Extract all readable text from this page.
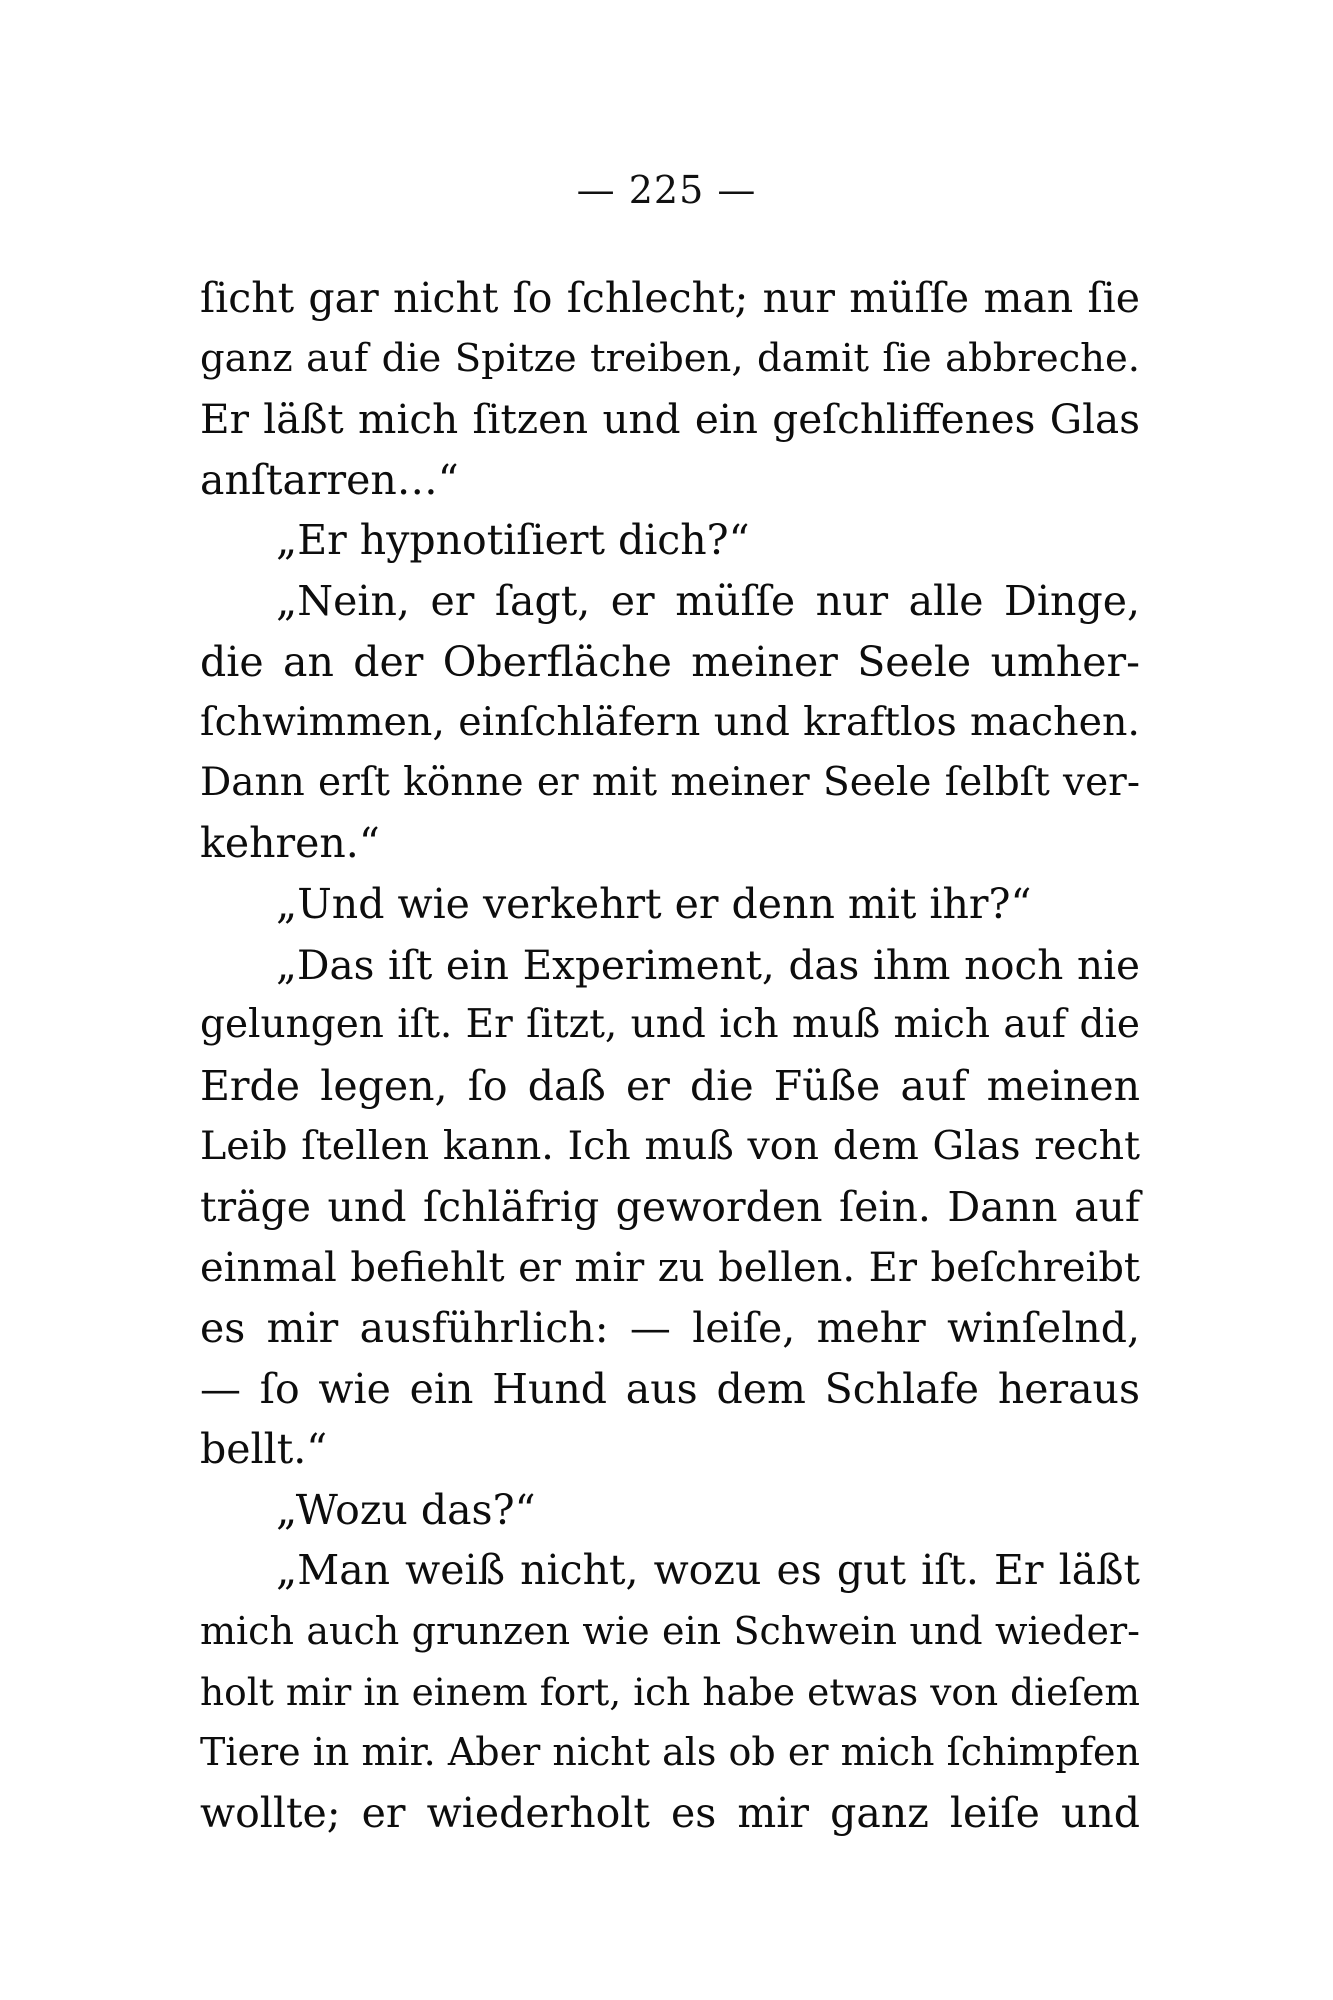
— 225 —
ſicht gar nicht ſo ſchlecht; nur müſſe man ſie
ganz auf die Spitze treiben, damit ſie abbreche.
Er läßt mich ſitzen und ein geſchliffenes Glas
anſtarren…“
„Er hypnotiſiert dich?“
„Nein, er ſagt, er müſſe nur alle Dinge,
die an der Oberfläche meiner Seele umher-
ſchwimmen, einſchläfern und kraftlos machen.
Dann erſt könne er mit meiner Seele ſelbſt ver-
kehren.“
„Und wie verkehrt er denn mit ihr?“
„Das iſt ein Experiment, das ihm noch nie
gelungen iſt. Er ſitzt, und ich muß mich auf die
Erde legen, ſo daß er die Füße auf meinen
Leib ſtellen kann. Ich muß von dem Glas recht
träge und ſchläfrig geworden ſein. Dann auf
einmal befiehlt er mir zu bellen. Er beſchreibt
es mir ausführlich: — leiſe, mehr winſelnd,
— ſo wie ein Hund aus dem Schlafe heraus
bellt.“
„Wozu das?“
„Man weiß nicht, wozu es gut iſt. Er läßt
mich auch grunzen wie ein Schwein und wieder-
holt mir in einem fort, ich habe etwas von dieſem
Tiere in mir. Aber nicht als ob er mich ſchimpfen
wollte; er wiederholt es mir ganz leiſe und
